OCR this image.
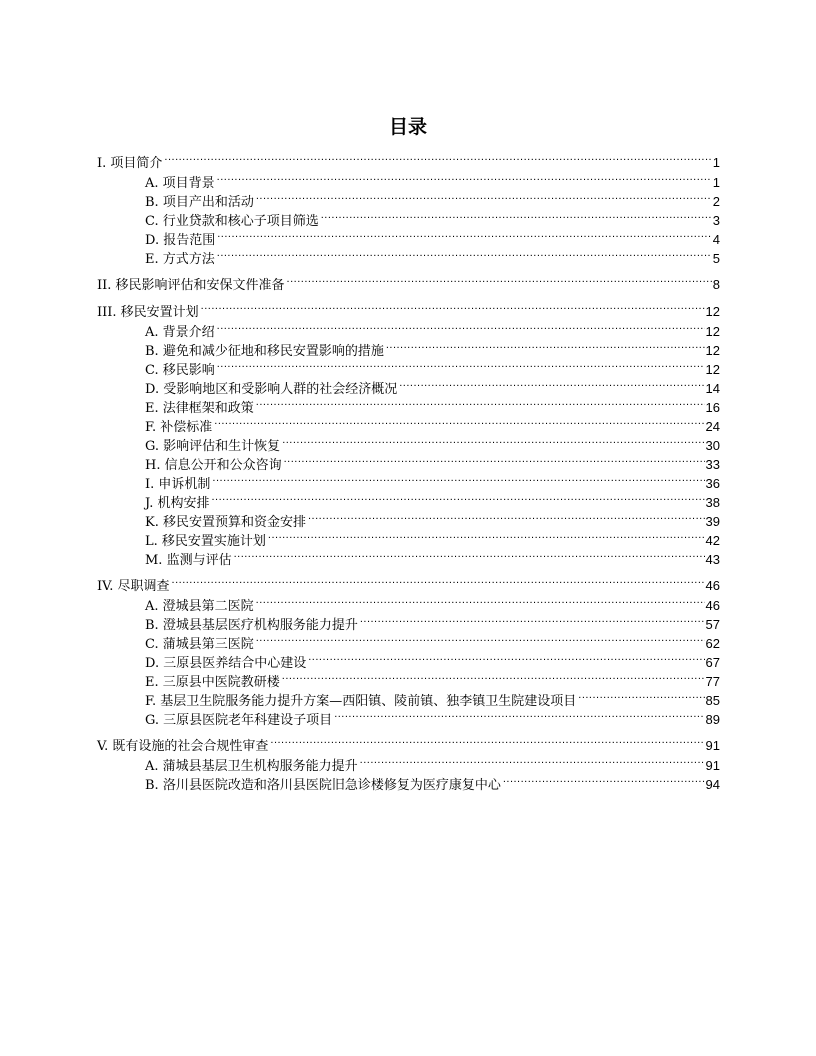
目录
I. 项目简介 .....	1
A. 项目背景 .....	1
B. 项目产出和活动 .....	2
C. 行业贷款和核心子项目筛选 .....	3
D. 报告范围 .....	4
E. 方式方法 .....	5
II. 移民影响评估和安保文件准备 .....	8
III. 移民安置计划 .....	12
A. 背景介绍 .....	12
B. 避免和减少征地和移民安置影响的措施 .....	12
C. 移民影响 .....	12
D. 受影响地区和受影响人群的社会经济概况 .....	14
E. 法律框架和政策 .....	16
F. 补偿标准 .....	24
G. 影响评估和生计恢复 .....	30
H. 信息公开和公众咨询 .....	33
I. 申诉机制 .....	36
J. 机构安排 .....	38
K. 移民安置预算和资金安排 .....	39
L. 移民安置实施计划 .....	42
M. 监测与评估 .....	43
IV. 尽职调查 .....	46
A. 澄城县第二医院 .....	46
B. 澄城县基层医疗机构服务能力提升 .....	57
C. 蒲城县第三医院 .....	62
D. 三原县医养结合中心建设 .....	67
E. 三原县中医院教研楼 .....	77
F. 基层卫生院服务能力提升方案—西阳镇、陵前镇、独李镇卫生院建设项目 .....	85
G. 三原县医院老年科建设子项目 .....	89
V. 既有设施的社会合规性审查 .....	91
A. 蒲城县基层卫生机构服务能力提升 .....	91
B. 洛川县医院改造和洛川县医院旧急诊楼修复为医疗康复中心 .....	94
